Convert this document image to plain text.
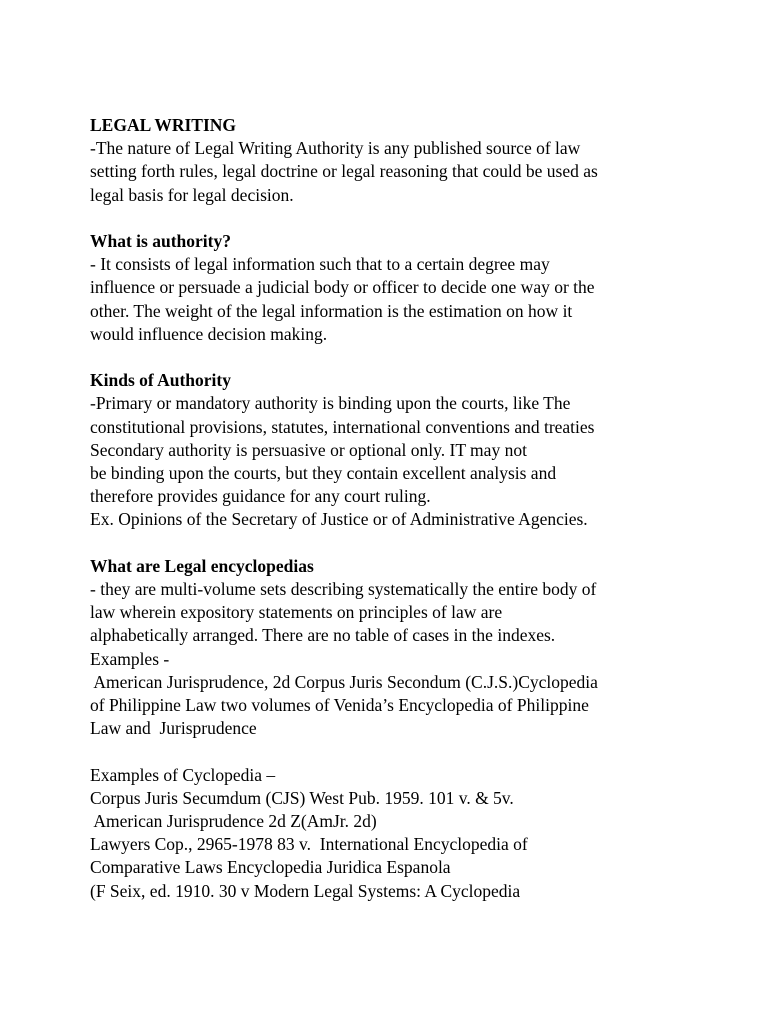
LEGAL WRITING
-The nature of Legal Writing Authority is any published source of law
setting forth rules, legal doctrine or legal reasoning that could be used as
legal basis for legal decision.
What is authority?
- It consists of legal information such that to a certain degree may
influence or persuade a judicial body or officer to decide one way or the
other. The weight of the legal information is the estimation on how it
would influence decision making.
Kinds of Authority
-Primary or mandatory authority is binding upon the courts, like The
constitutional provisions, statutes, international conventions and treaties
Secondary authority is persuasive or optional only. IT may not
be binding upon the courts, but they contain excellent analysis and
therefore provides guidance for any court ruling.
Ex. Opinions of the Secretary of Justice or of Administrative Agencies.
What are Legal encyclopedias
- they are multi-volume sets describing systematically the entire body of
law wherein expository statements on principles of law are
alphabetically arranged. There are no table of cases in the indexes.
Examples -
American Jurisprudence, 2d Corpus Juris Secondum (C.J.S.)Cyclopedia
of Philippine Law two volumes of Venida’s Encyclopedia of Philippine
Law and  Jurisprudence
Examples of Cyclopedia –
Corpus Juris Secumdum (CJS) West Pub. 1959. 101 v. & 5v.
American Jurisprudence 2d Z(AmJr. 2d)
Lawyers Cop., 2965-1978 83 v.  International Encyclopedia of
Comparative Laws Encyclopedia Juridica Espanola
(F Seix, ed. 1910. 30 v Modern Legal Systems: A Cyclopedia
